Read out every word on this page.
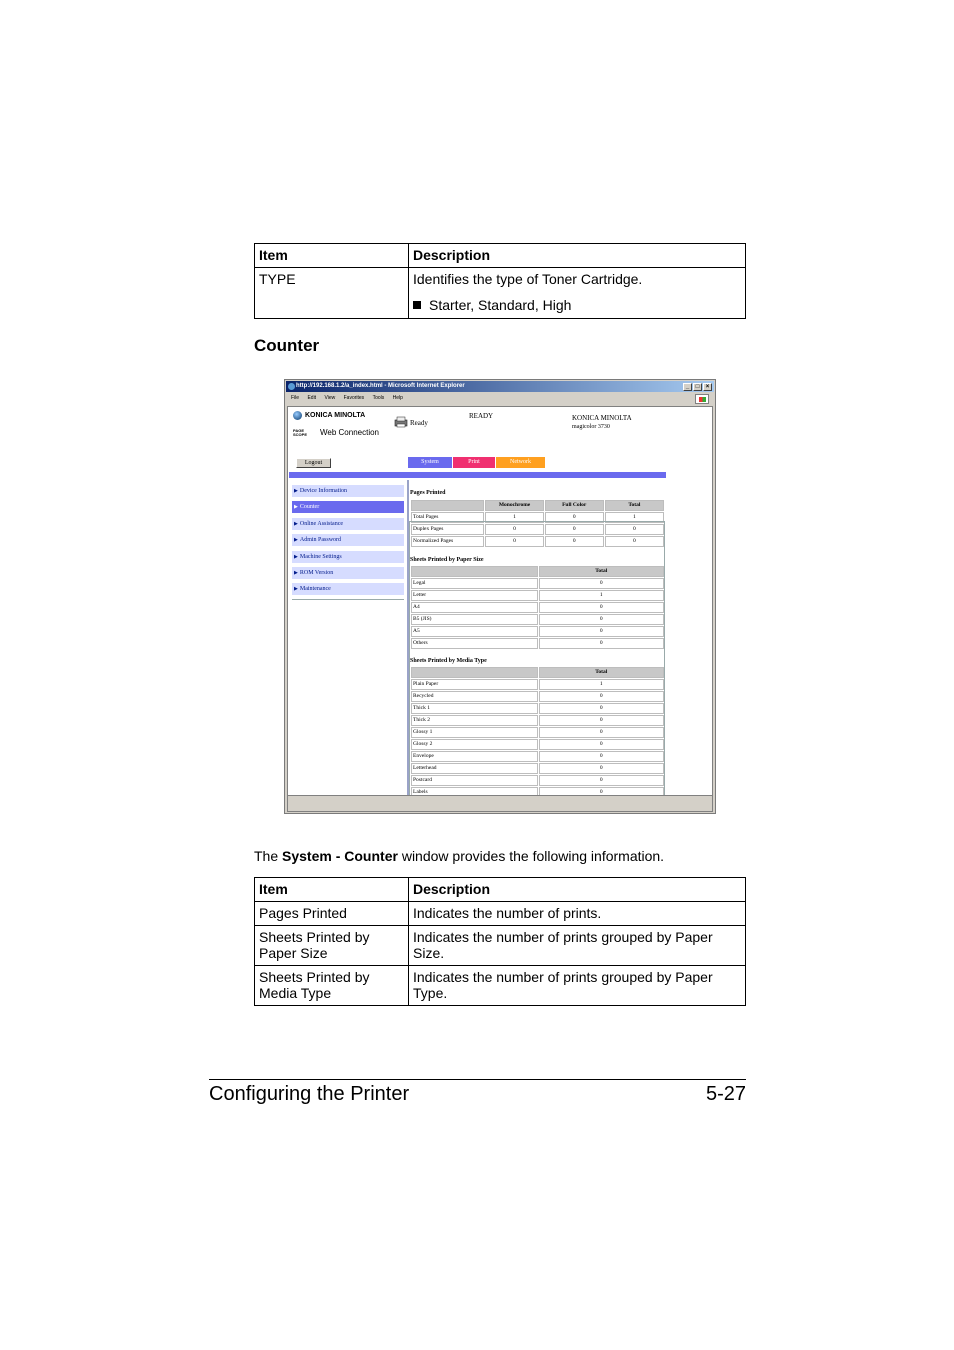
Item	Description
TYPE	Identifies the type of Toner Cartridge.
Starter, Standard, High
Counter
http://192.168.1.2/a_index.html - Microsoft Internet Explorer	_	□	×
File Edit View Favorites Tools Help
KONICA MINOLTA
PAGE SCOPE	Web Connection
Ready
READY	KONICA MINOLTA
magicolor 3730
Logout	System	Print	Network
▶ Device Information
▶ Counter
▶ Online Assistance
▶ Admin Password
▶ Machine Settings
▶ ROM Version
▶ Maintenance
Pages Printed
	Monochrome	Full Color	Total
Total Pages	1	0	1
Duplex Pages	0	0	0
Normalized Pages	0	0	0
Sheets Printed by Paper Size
	Total
Legal	0
Letter	1
A4	0
B5 (JIS)	0
A5	0
Others	0
Sheets Printed by Media Type
	Total
Plain Paper	1
Recycled	0
Thick 1	0
Thick 2	0
Glossy 1	0
Glossy 2	0
Envelope	0
Letterhead	0
Postcard	0
Labels	0
The System - Counter window provides the following information.
Item	Description
Pages Printed	Indicates the number of prints.
Sheets Printed by Paper Size	Indicates the number of prints grouped by Paper Size.
Sheets Printed by Media Type	Indicates the number of prints grouped by Paper Type.
Configuring the Printer	5-27
